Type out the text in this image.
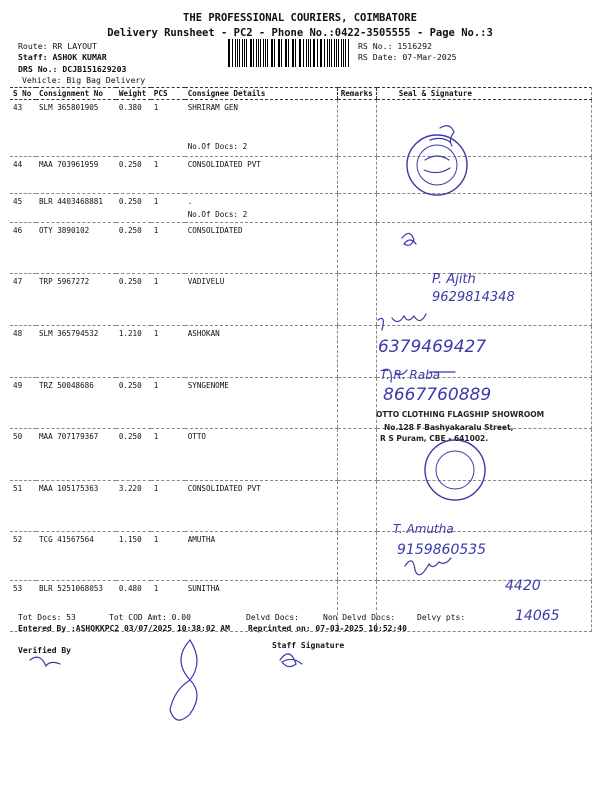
THE PROFESSIONAL COURIERS, COIMBATORE
Delivery Runsheet - PC2 - Phone No.:0422-3505555 - Page No.:3
Route: RR LAYOUT
Staff: ASHOK KUMAR
DRS No.: DCJB151629203
Vehicle: Big Bag Delivery
RS No.: 1516292
RS Date: 07-Mar-2025
S No	Consignment No	Weight	PCS	Consignee Details	Remarks	Seal & Signature

43	SLM 365801905	0.380	1	SHRIRAM GEN
No.Of Docs: 2		

44	MAA 703961959	0.250	1	CONSOLIDATED PVT		

45	BLR 4403468881	0.250	1	.
No.Of Docs: 2		

46	OTY 3890102	0.250	1	CONSOLIDATED		

47	TRP 5967272	0.250	1	VADIVELU		

48	SLM 365794532	1.210	1	ASHOKAN		

49	TRZ 50048686	0.250	1	SYNGENOME		

50	MAA 707179367	0.250	1	OTTO		

51	MAA 105175363	3.220	1	CONSOLIDATED PVT		

52	TCG 41567564	1.150	1	AMUTHA		

53	BLR 5251068053	0.480	1	SUNITHA		

P. Ajith
9629814348
6379469427
T. R. Raba
8667760889
T. Amutha
9159860535
4420
14065
OTTO CLOTHING FLAGSHIP SHOWROOM
No.128 F Bashyakaralu Street,
R S Puram, CBE - 641002.
Tot Docs: 53	Tot COD Amt: 0.00	Delvd Docs:	Non Delvd Docs:	Delvy pts:
Entered By :ASHOKKPC2 03/07/2025 10:38:02 AM Reprinted on: 07-03-2025 10:52:40
Verified By
Staff Signature
